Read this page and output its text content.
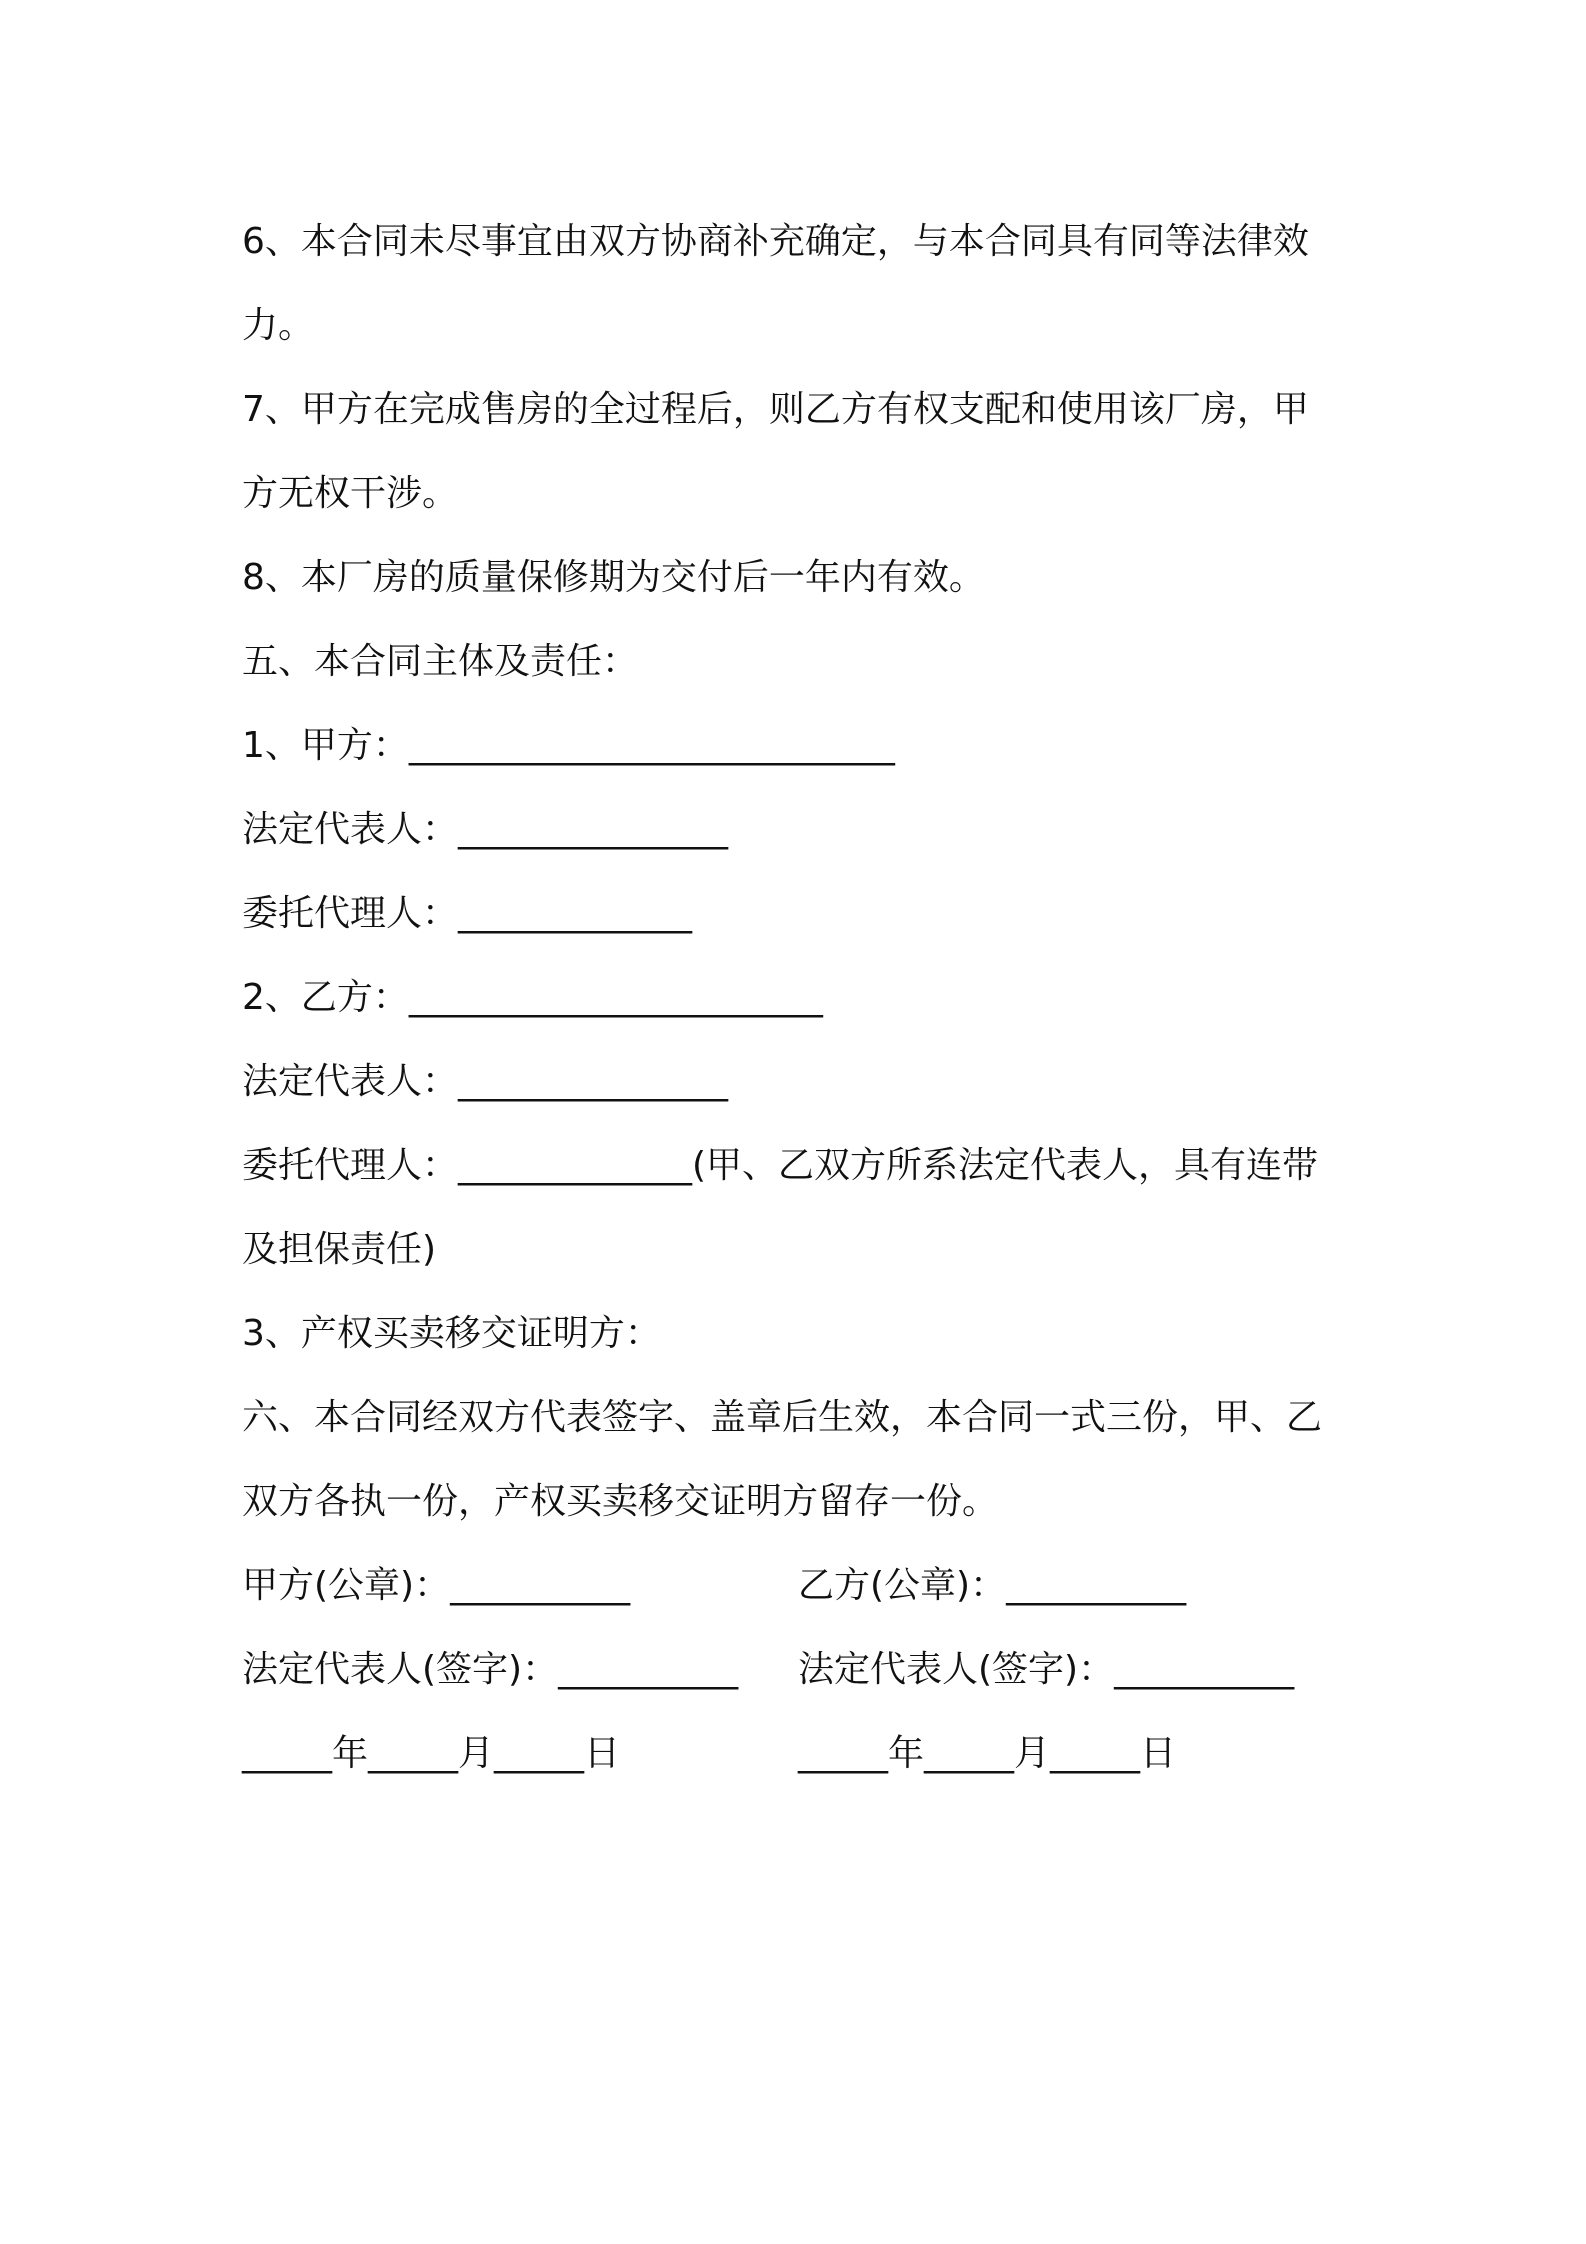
6、本合同未尽事宜由双方协商补充确定，与本合同具有同等法律效
力。
7、甲方在完成售房的全过程后，则乙方有权支配和使用该厂房，甲
方无权干涉。
8、本厂房的质量保修期为交付后一年内有效。
五、本合同主体及责任：
1、甲方：___________________________
法定代表人：_______________
委托代理人：_____________
2、乙方：_______________________
法定代表人：_______________
委托代理人：_____________(甲、乙双方所系法定代表人，具有连带
及担保责任)
3、产权买卖移交证明方：
六、本合同经双方代表签字、盖章后生效，本合同一式三份，甲、乙
双方各执一份，产权买卖移交证明方留存一份。
甲方(公章)：__________	乙方(公章)：__________
法定代表人(签字)：__________ 法定代表人(签字)：__________
_____年_____月_____日	_____年_____月_____日
